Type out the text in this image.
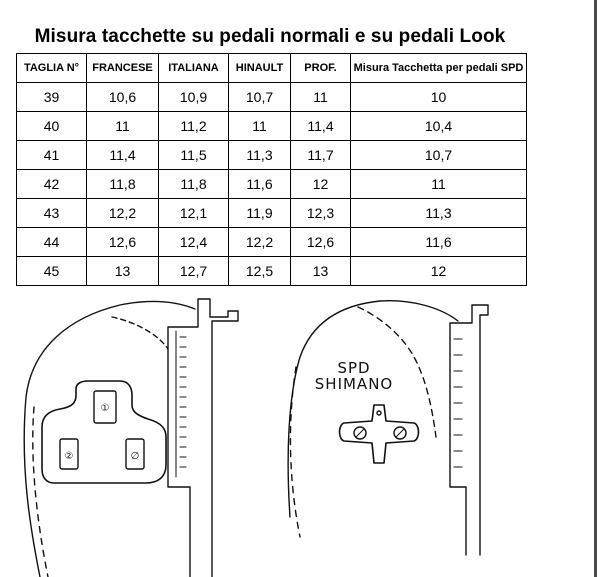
Misura tacchette su pedali normali e su pedali Look
TAGLIA N°	FRANCESE	ITALIANA	HINAULT	PROF.	Misura Tacchetta per pedali SPD
39	10,6	10,9	10,7	11	10
40	11	11,2	11	11,4	10,4
41	11,4	11,5	11,3	11,7	10,7
42	11,8	11,8	11,6	12	11
43	12,2	12,1	11,9	12,3	11,3
44	12,6	12,4	12,2	12,6	11,6
45	13	12,7	12,5	13	12
①
②	∅
SPD
SHIMANO
